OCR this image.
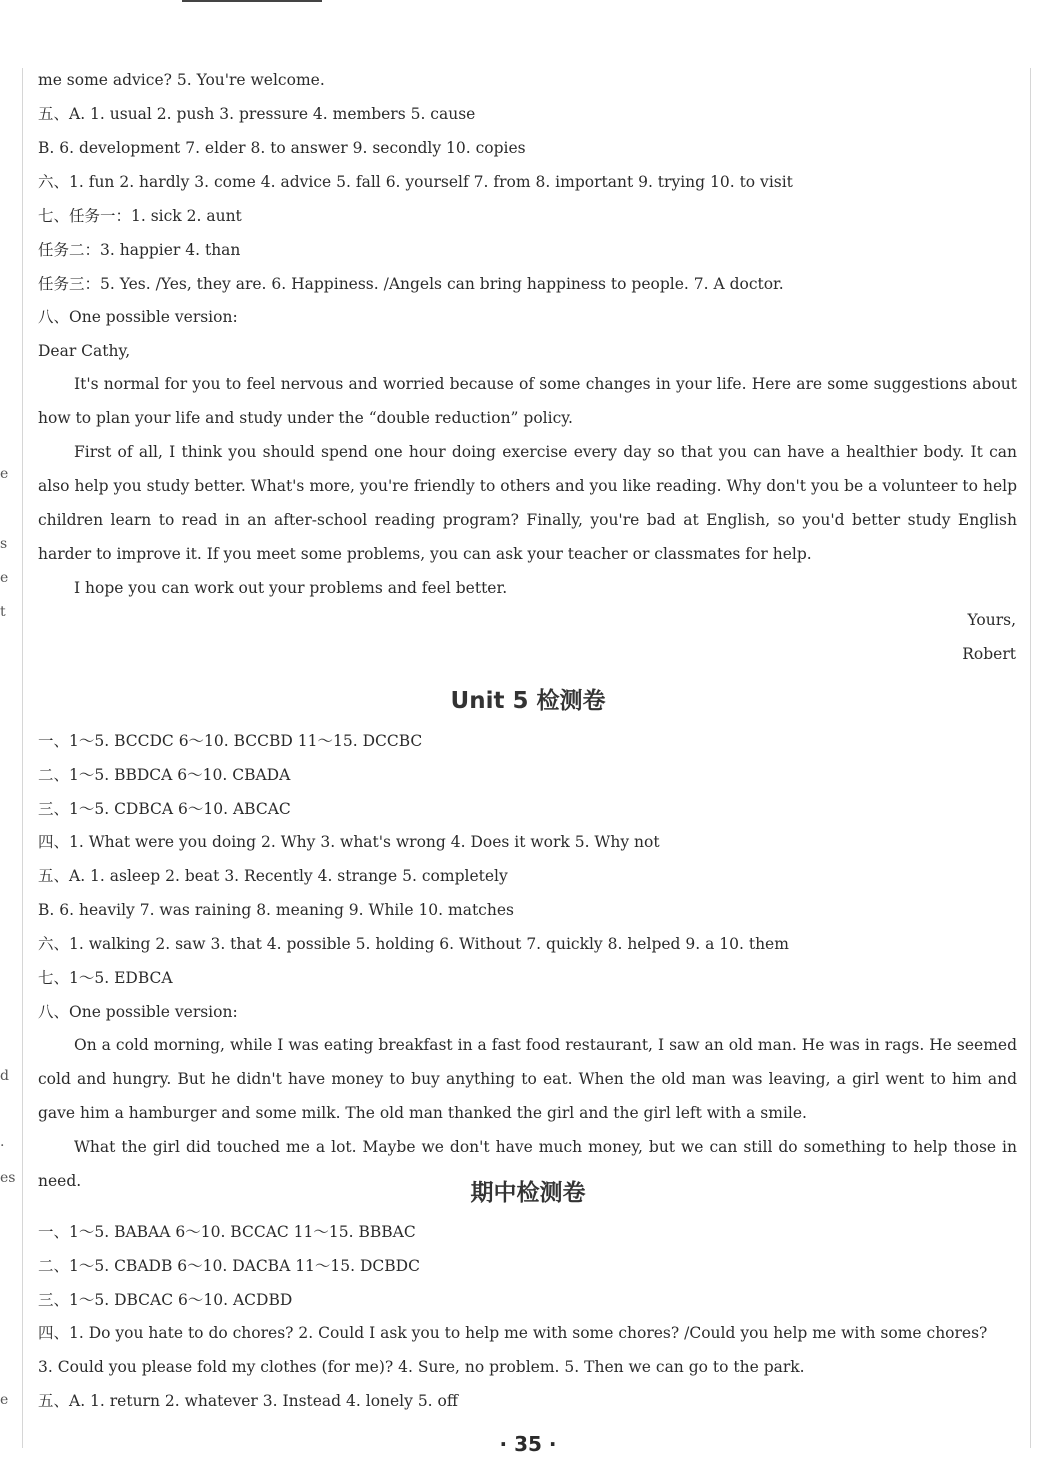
e
s
e
t
d
.
es
e
me some advice? 5. You're welcome.
五、A. 1. usual 2. push 3. pressure 4. members 5. cause
B. 6. development 7. elder 8. to answer 9. secondly 10. copies
六、1. fun 2. hardly 3. come 4. advice 5. fall 6. yourself 7. from 8. important 9. trying 10. to visit
七、任务一：1. sick 2. aunt
任务二：3. happier 4. than
任务三：5. Yes. /Yes, they are. 6. Happiness. /Angels can bring happiness to people. 7. A doctor.
八、One possible version:
Dear Cathy,

It's normal for you to feel nervous and worried because of some changes in your life. Here are some suggestions about how to plan your life and study under the “double reduction” policy.

First of all, I think you should spend one hour doing exercise every day so that you can have a healthier body. It can also help you study better. What's more, you're friendly to others and you like reading. Why don't you be a volunteer to help children learn to read in an after-school reading program? Finally, you're bad at English, so you'd better study English harder to improve it. If you meet some problems, you can ask your teacher or classmates for help.

I hope you can work out your problems and feel better.

Yours,
Robert
Unit 5 检测卷
一、1～5. BCCDC 6～10. BCCBD 11～15. DCCBC
二、1～5. BBDCA 6～10. CBADA
三、1～5. CDBCA 6～10. ABCAC
四、1. What were you doing 2. Why 3. what's wrong 4. Does it work 5. Why not
五、A. 1. asleep 2. beat 3. Recently 4. strange 5. completely
B. 6. heavily 7. was raining 8. meaning 9. While 10. matches
六、1. walking 2. saw 3. that 4. possible 5. holding 6. Without 7. quickly 8. helped 9. a 10. them
七、1～5. EDBCA
八、One possible version:

On a cold morning, while I was eating breakfast in a fast food restaurant, I saw an old man. He was in rags. He seemed cold and hungry. But he didn't have money to buy anything to eat. When the old man was leaving, a girl went to him and gave him a hamburger and some milk. The old man thanked the girl and the girl left with a smile.

What the girl did touched me a lot. Maybe we don't have much money, but we can still do something to help those in need.	期中检测卷
一、1～5. BABAA 6～10. BCCAC 11～15. BBBAC
二、1～5. CBADB 6～10. DACBA 11～15. DCBDC
三、1～5. DBCAC 6～10. ACDBD
四、1. Do you hate to do chores? 2. Could I ask you to help me with some chores? /Could you help me with some chores?
3. Could you please fold my clothes (for me)? 4. Sure, no problem. 5. Then we can go to the park.
五、A. 1. return 2. whatever 3. Instead 4. lonely 5. off
· 35 ·
